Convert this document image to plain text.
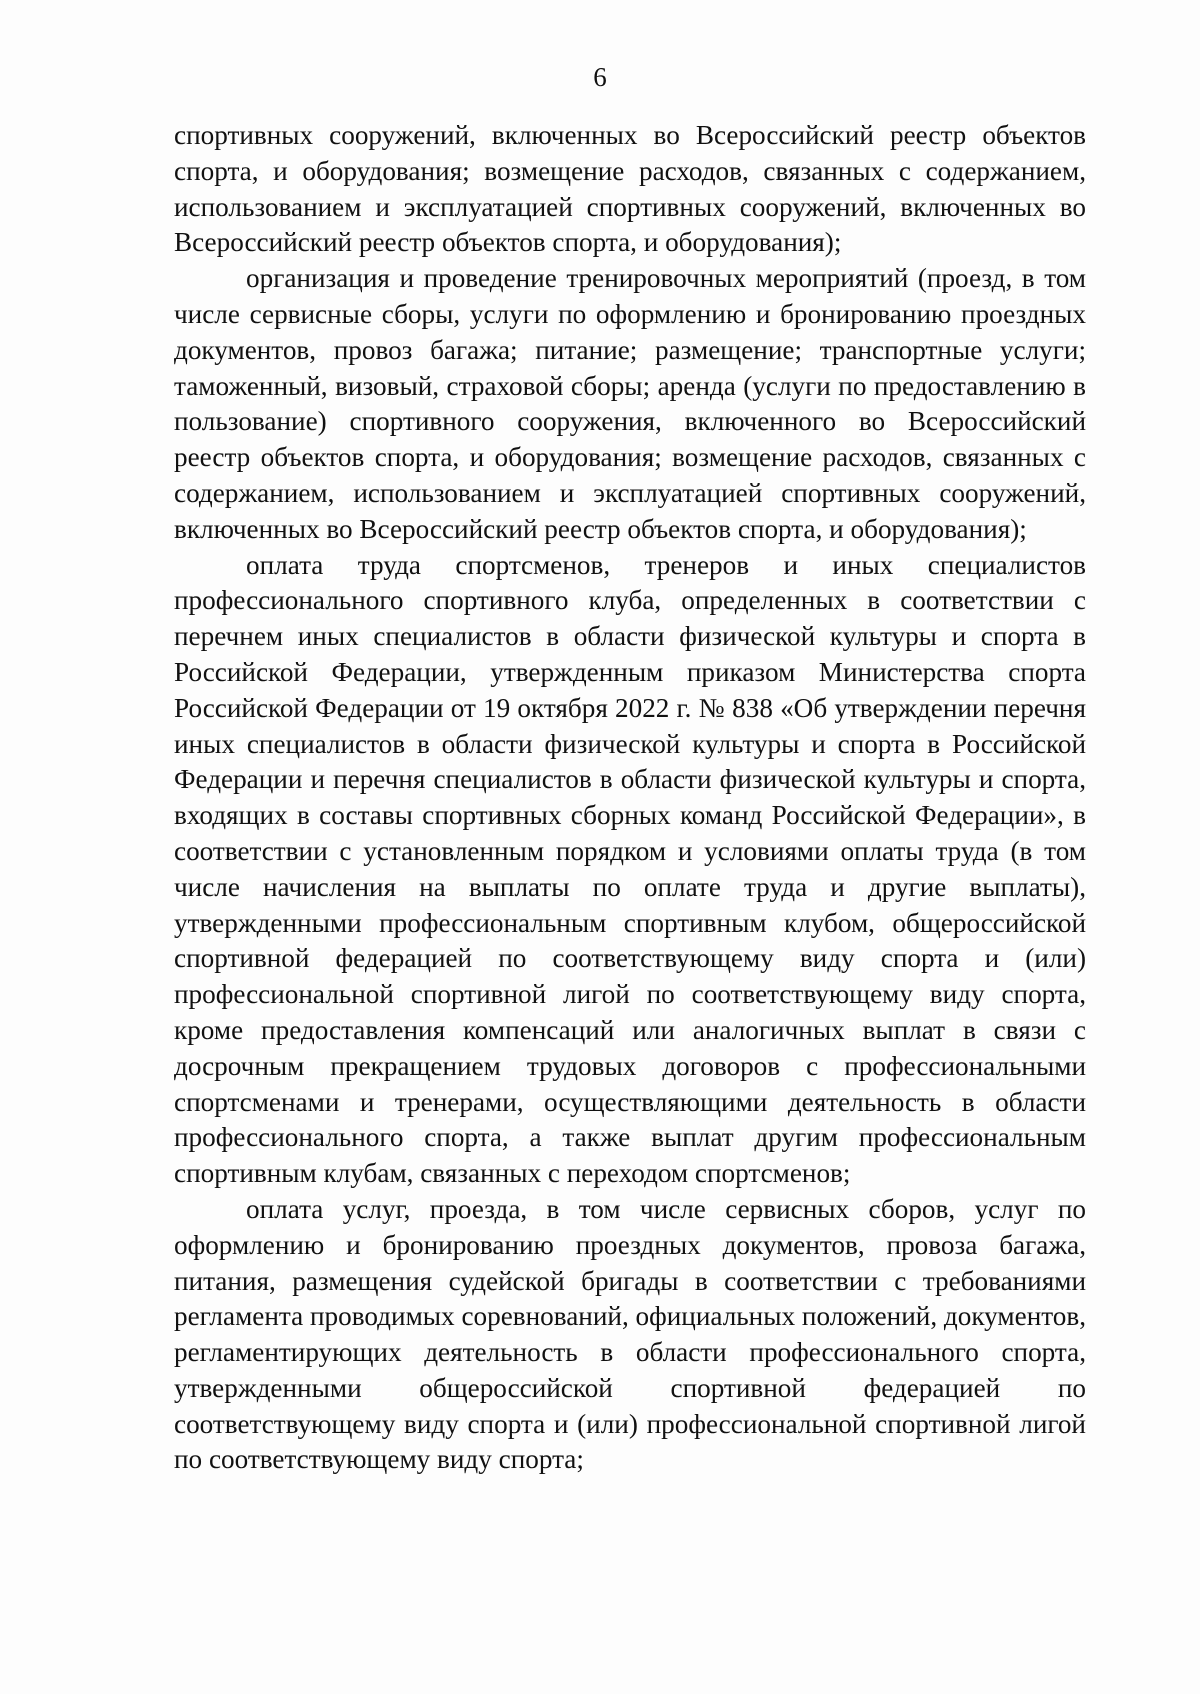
6

спортивных сооружений, включенных во Всероссийский реестр объектов спорта, и оборудования; возмещение расходов, связанных с содержанием, использованием и эксплуатацией спортивных сооружений, включенных во Всероссийский реестр объектов спорта, и оборудования);

организация и проведение тренировочных мероприятий (проезд, в том числе сервисные сборы, услуги по оформлению и бронированию проездных документов, провоз багажа; питание; размещение; транспортные услуги; таможенный, визовый, страховой сборы; аренда (услуги по предоставлению в пользование) спортивного сооружения, включенного во Всероссийский реестр объектов спорта, и оборудования; возмещение расходов, связанных с содержанием, использованием и эксплуатацией спортивных сооружений, включенных во Всероссийский реестр объектов спорта, и оборудования);

оплата труда спортсменов, тренеров и иных специалистов профессионального спортивного клуба, определенных в соответствии с перечнем иных специалистов в области физической культуры и спорта в Российской Федерации, утвержденным приказом Министерства спорта Российской Федерации от 19 октября 2022 г. № 838 «Об утверждении перечня иных специалистов в области физической культуры и спорта в Российской Федерации и перечня специалистов в области физической культуры и спорта, входящих в составы спортивных сборных команд Российской Федерации», в соответствии с установленным порядком и условиями оплаты труда (в том числе начисления на выплаты по оплате труда и другие выплаты), утвержденными профессиональным спортивным клубом, общероссийской спортивной федерацией по соответствующему виду спорта и (или) профессиональной спортивной лигой по соответствующему виду спорта, кроме предоставления компенсаций или аналогичных выплат в связи с досрочным прекращением трудовых договоров с профессиональными спортсменами и тренерами, осуществляющими деятельность в области профессионального спорта, а также выплат другим профессиональным спортивным клубам, связанных с переходом спортсменов;

оплата услуг, проезда, в том числе сервисных сборов, услуг по оформлению и бронированию проездных документов, провоза багажа, питания, размещения судейской бригады в соответствии с требованиями регламента проводимых соревнований, официальных положений, документов, регламентирующих деятельность в области профессионального спорта, утвержденными общероссийской спортивной федерацией по соответствующему виду спорта и (или) профессиональной спортивной лигой по соответствующему виду спорта;
